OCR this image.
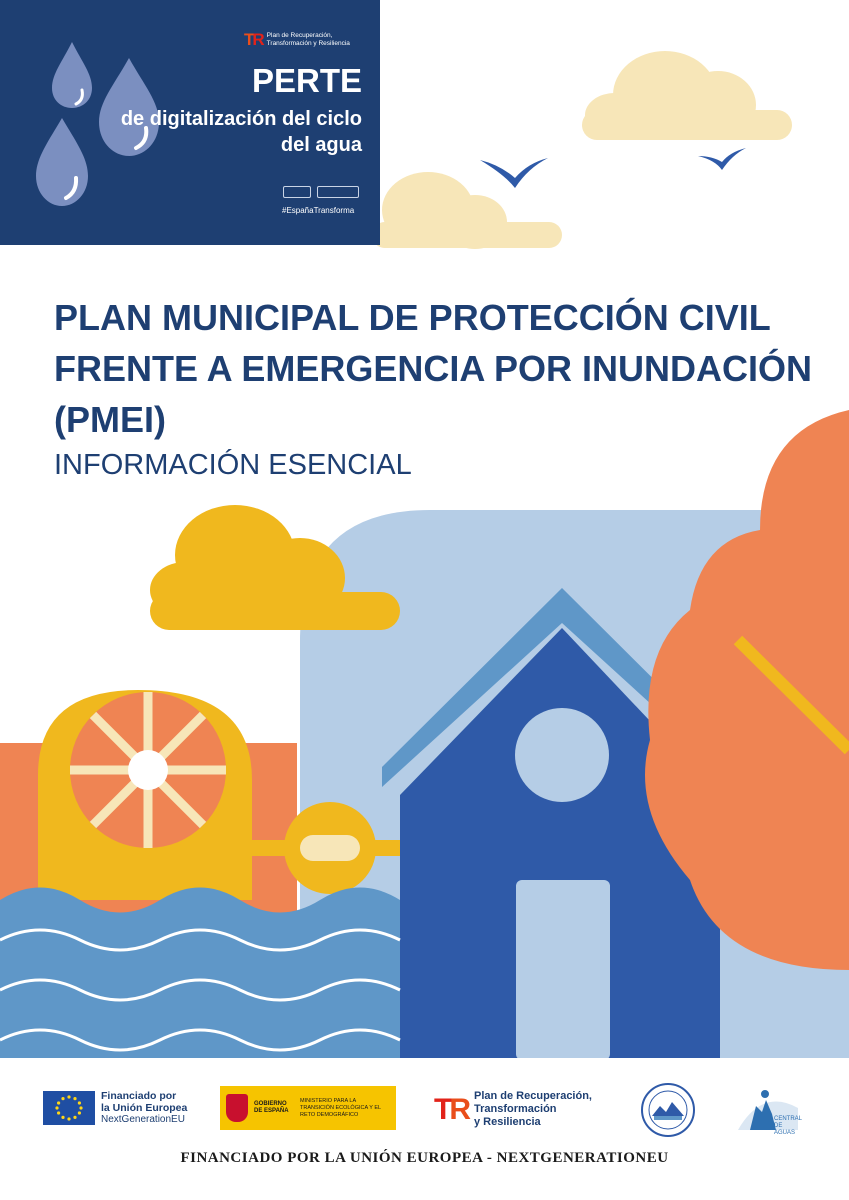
TR Plan de Recuperación,
Transformación y Resiliencia

PERTE

de digitalización del ciclo del agua

#EspañaTransforma

PLAN MUNICIPAL DE PROTECCIÓN CIVIL FRENTE A EMERGENCIA POR INUNDACIÓN (PMEI)

INFORMACIÓN ESENCIAL

Financiado por
la Unión Europea
NextGenerationEU
GOBIERNO DE ESPAÑA
MINISTERIO PARA LA TRANSICIÓN ECOLÓGICA Y EL RETO DEMOGRÁFICO	TR Plan de Recuperación,
Transformación
y Resiliencia	CENTRAL DE AGUAS

FINANCIADO POR LA UNIÓN EUROPEA - NEXTGENERATIONEU
